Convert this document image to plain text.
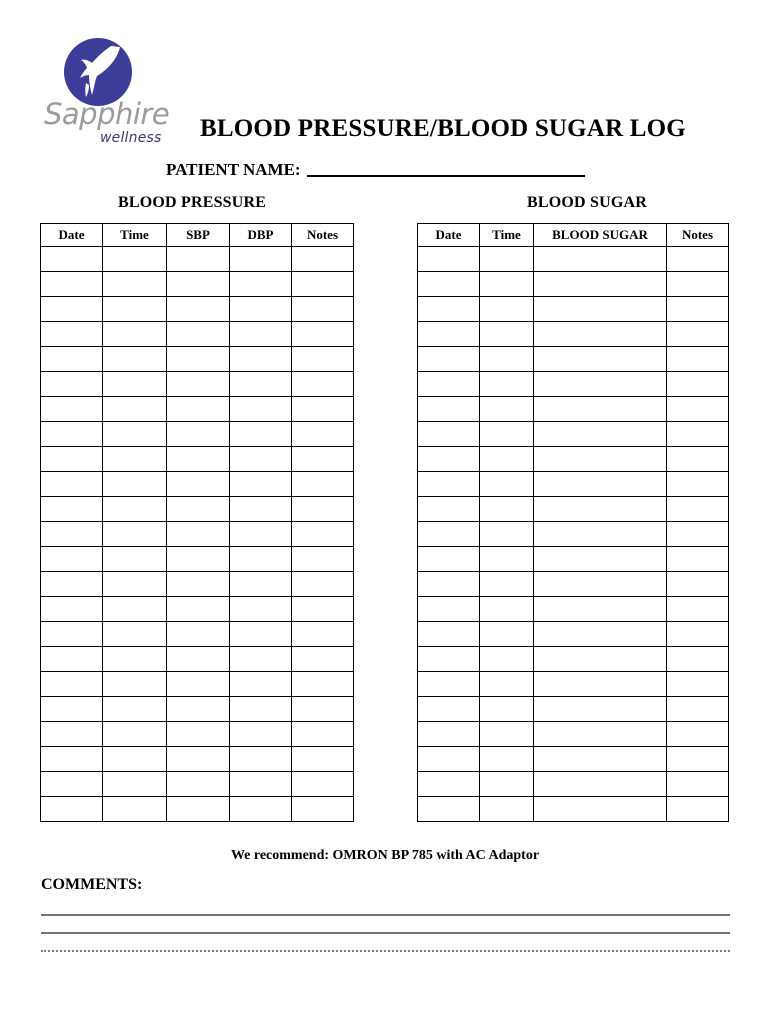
Sapphire
wellness BLOOD PRESSURE/BLOOD SUGAR LOG
PATIENT NAME:
BLOOD PRESSURE	BLOOD SUGAR
Date	Time	SBP	DBP	Notes

					Date	Time	BLOOD SUGAR	Notes

We recommend: OMRON BP 785 with AC Adaptor
COMMENTS:
